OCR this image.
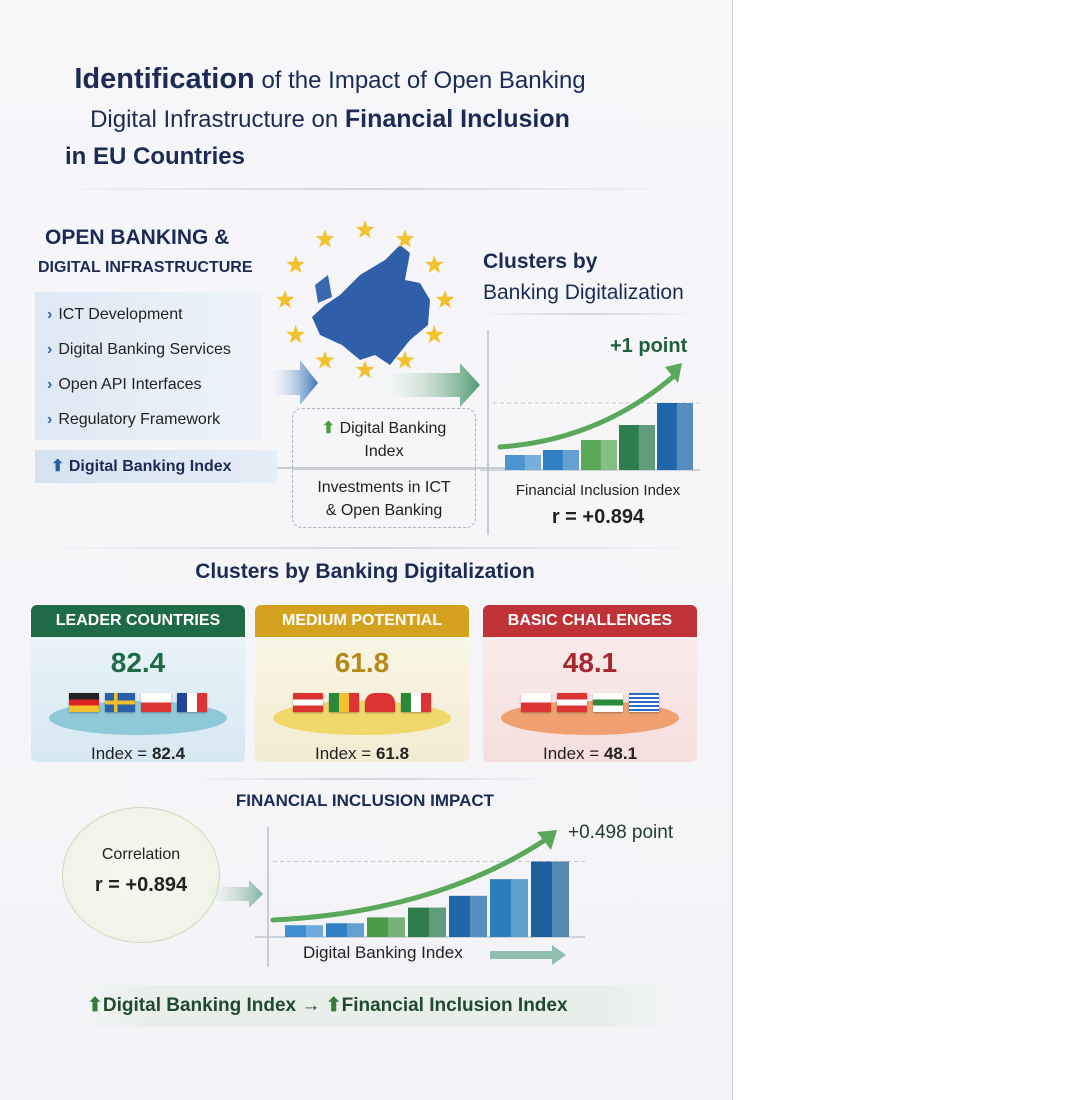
Identification of the Impact of Open Banking
Digital Infrastructure on Financial Inclusion
in EU Countries
OPEN BANKING &
DIGITAL INFRASTRUCTURE
› ICT Development
› Digital Banking Services
› Open API Interfaces
› Regulatory Framework
⬆ Digital Banking Index
⬆ Digital Banking
Index
Investments in ICT
& Open Banking
Clusters by
Banking Digitalization
+1 point
Financial Inclusion Index
r = +0.894
Clusters by Banking Digitalization
LEADER COUNTRIES
82.4
Index = 82.4
MEDIUM POTENTIAL
61.8
Index = 61.8
BASIC CHALLENGES
48.1
Index = 48.1
FINANCIAL INCLUSION IMPACT
Correlation
r = +0.894
+0.498 point
Digital Banking Index
⬆Digital Banking Index → ⬆Financial Inclusion Index
